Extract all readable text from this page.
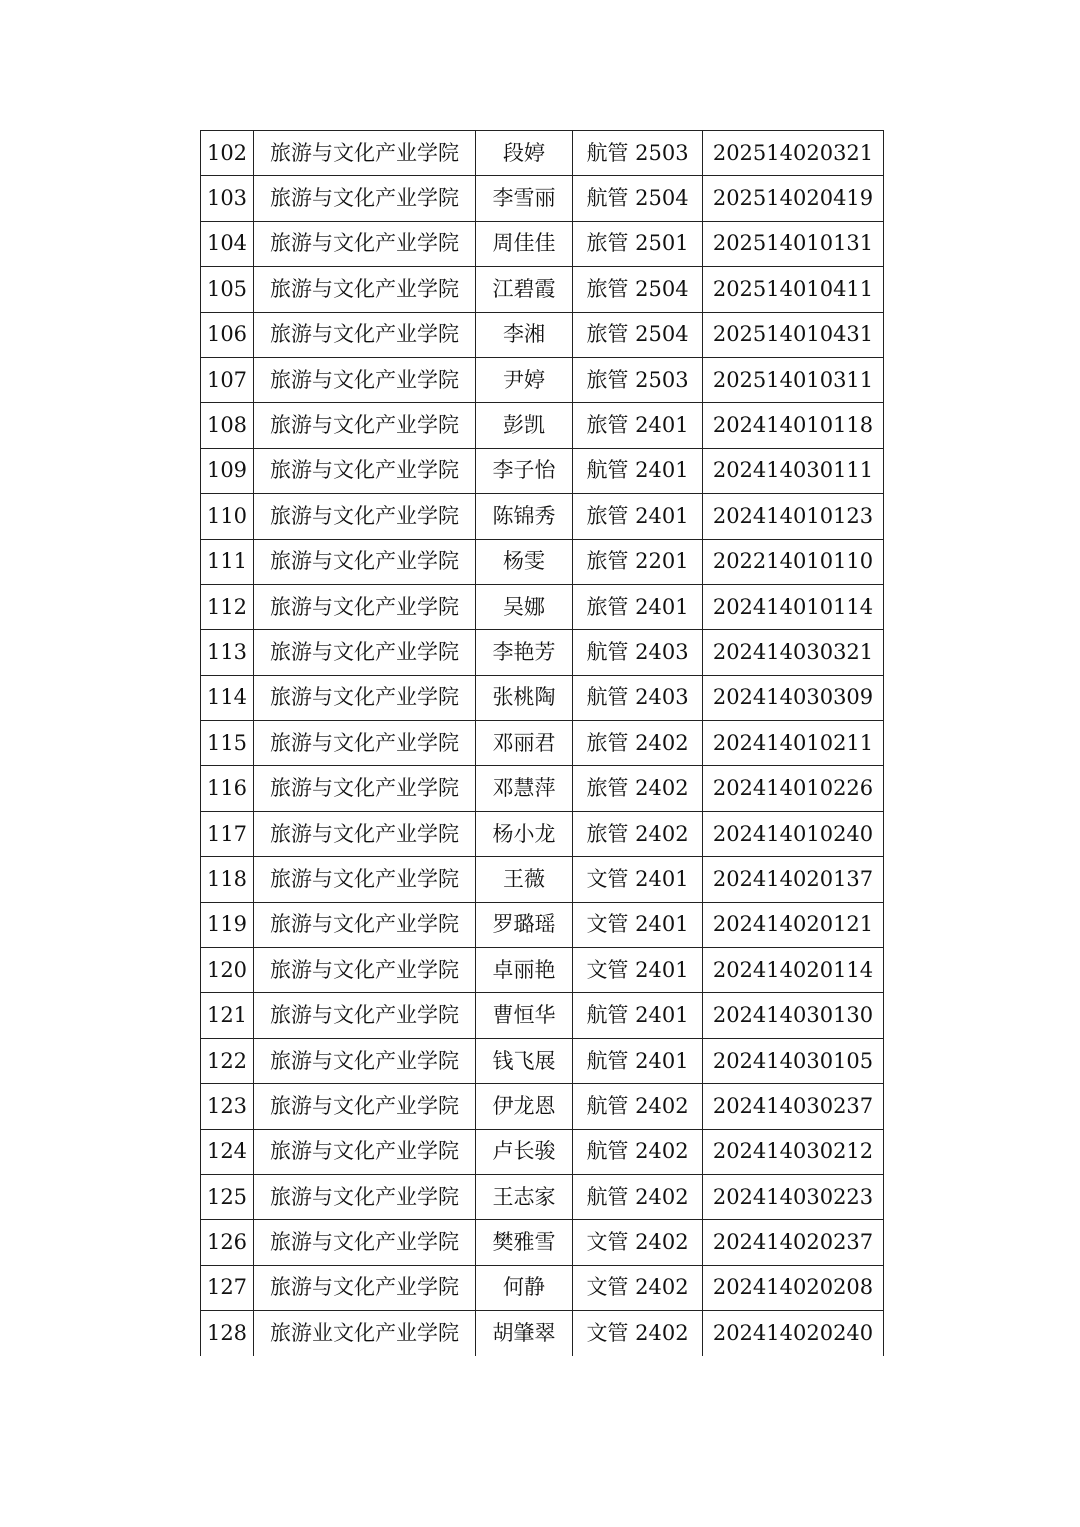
102	旅游与文化产业学院	段婷	航管 2503	202514020321
103	旅游与文化产业学院	李雪丽	航管 2504	202514020419
104	旅游与文化产业学院	周佳佳	旅管 2501	202514010131
105	旅游与文化产业学院	江碧霞	旅管 2504	202514010411
106	旅游与文化产业学院	李湘	旅管 2504	202514010431
107	旅游与文化产业学院	尹婷	旅管 2503	202514010311
108	旅游与文化产业学院	彭凯	旅管 2401	202414010118
109	旅游与文化产业学院	李子怡	航管 2401	202414030111
110	旅游与文化产业学院	陈锦秀	旅管 2401	202414010123
111	旅游与文化产业学院	杨雯	旅管 2201	202214010110
112	旅游与文化产业学院	吴娜	旅管 2401	202414010114
113	旅游与文化产业学院	李艳芳	航管 2403	202414030321
114	旅游与文化产业学院	张桃陶	航管 2403	202414030309
115	旅游与文化产业学院	邓丽君	旅管 2402	202414010211
116	旅游与文化产业学院	邓慧萍	旅管 2402	202414010226
117	旅游与文化产业学院	杨小龙	旅管 2402	202414010240
118	旅游与文化产业学院	王薇	文管 2401	202414020137
119	旅游与文化产业学院	罗璐瑶	文管 2401	202414020121
120	旅游与文化产业学院	卓丽艳	文管 2401	202414020114
121	旅游与文化产业学院	曹恒华	航管 2401	202414030130
122	旅游与文化产业学院	钱飞展	航管 2401	202414030105
123	旅游与文化产业学院	伊龙恩	航管 2402	202414030237
124	旅游与文化产业学院	卢长骏	航管 2402	202414030212
125	旅游与文化产业学院	王志家	航管 2402	202414030223
126	旅游与文化产业学院	樊雅雪	文管 2402	202414020237
127	旅游与文化产业学院	何静	文管 2402	202414020208
128	旅游业文化产业学院	胡肇翠	文管 2402	202414020240
